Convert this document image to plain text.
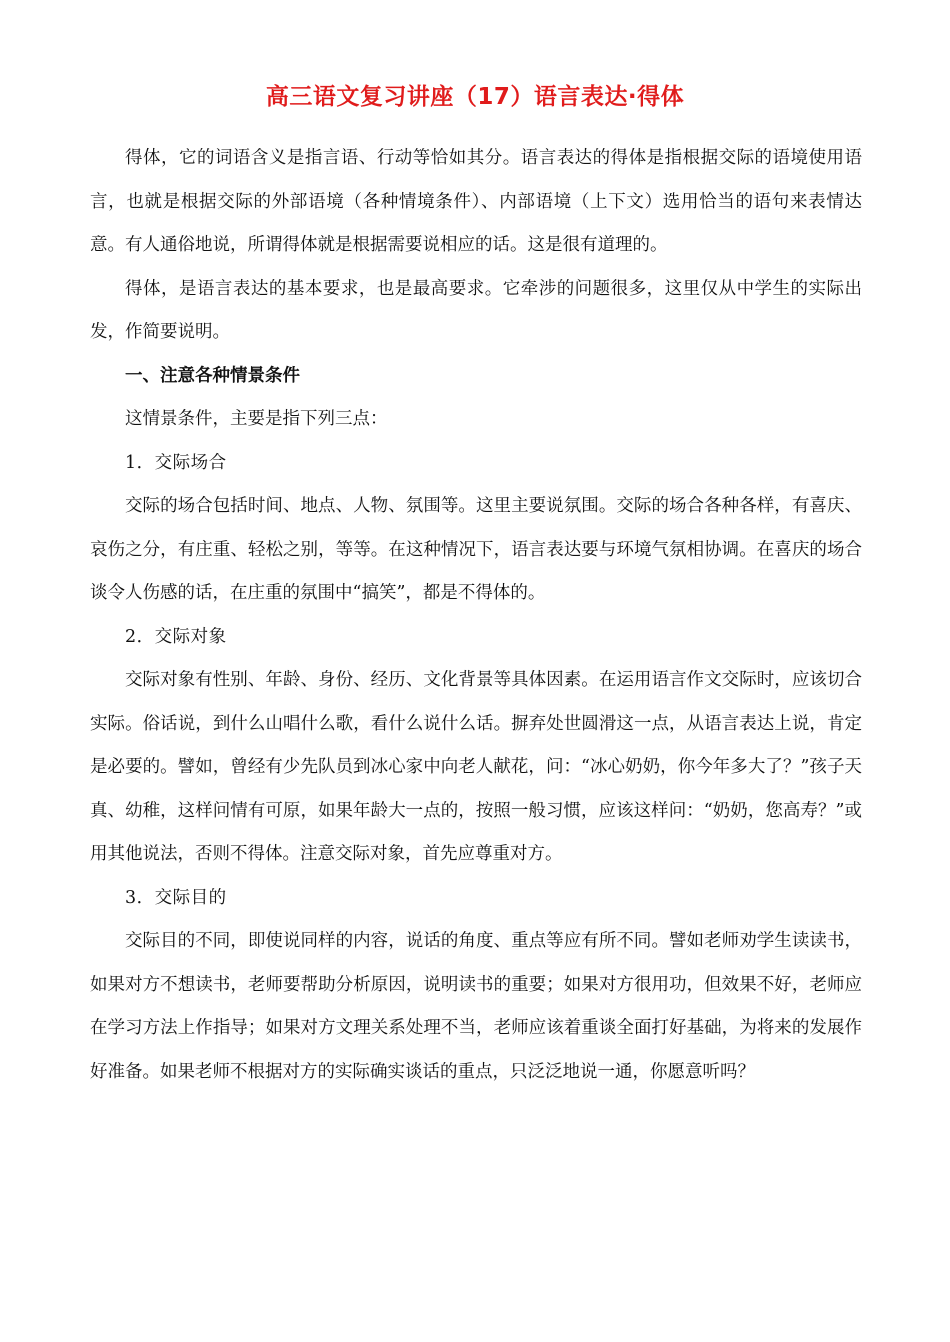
高三语文复习讲座（17）语言表达·得体

得体，它的词语含义是指言语、行动等恰如其分。语言表达的得体是指根据交际的语境使用语言，也就是根据交际的外部语境（各种情境条件）、内部语境（上下文）选用恰当的语句来表情达意。有人通俗地说，所谓得体就是根据需要说相应的话。这是很有道理的。

得体，是语言表达的基本要求，也是最高要求。它牵涉的问题很多，这里仅从中学生的实际出发，作简要说明。

一、注意各种情景条件

这情景条件，主要是指下列三点：

1．交际场合

交际的场合包括时间、地点、人物、氛围等。这里主要说氛围。交际的场合各种各样，有喜庆、哀伤之分，有庄重、轻松之别，等等。在这种情况下，语言表达要与环境气氛相协调。在喜庆的场合谈令人伤感的话，在庄重的氛围中“搞笑”，都是不得体的。

2．交际对象

交际对象有性别、年龄、身份、经历、文化背景等具体因素。在运用语言作文交际时，应该切合实际。俗话说，到什么山唱什么歌，看什么说什么话。摒弃处世圆滑这一点，从语言表达上说，肯定是必要的。譬如，曾经有少先队员到冰心家中向老人献花，问：“冰心奶奶，你今年多大了？”孩子天真、幼稚，这样问情有可原，如果年龄大一点的，按照一般习惯，应该这样问：“奶奶，您高寿？”或用其他说法，否则不得体。注意交际对象，首先应尊重对方。

3．交际目的

交际目的不同，即使说同样的内容，说话的角度、重点等应有所不同。譬如老师劝学生读读书，如果对方不想读书，老师要帮助分析原因，说明读书的重要；如果对方很用功，但效果不好，老师应在学习方法上作指导；如果对方文理关系处理不当，老师应该着重谈全面打好基础，为将来的发展作好准备。如果老师不根据对方的实际确实谈话的重点，只泛泛地说一通，你愿意听吗？
